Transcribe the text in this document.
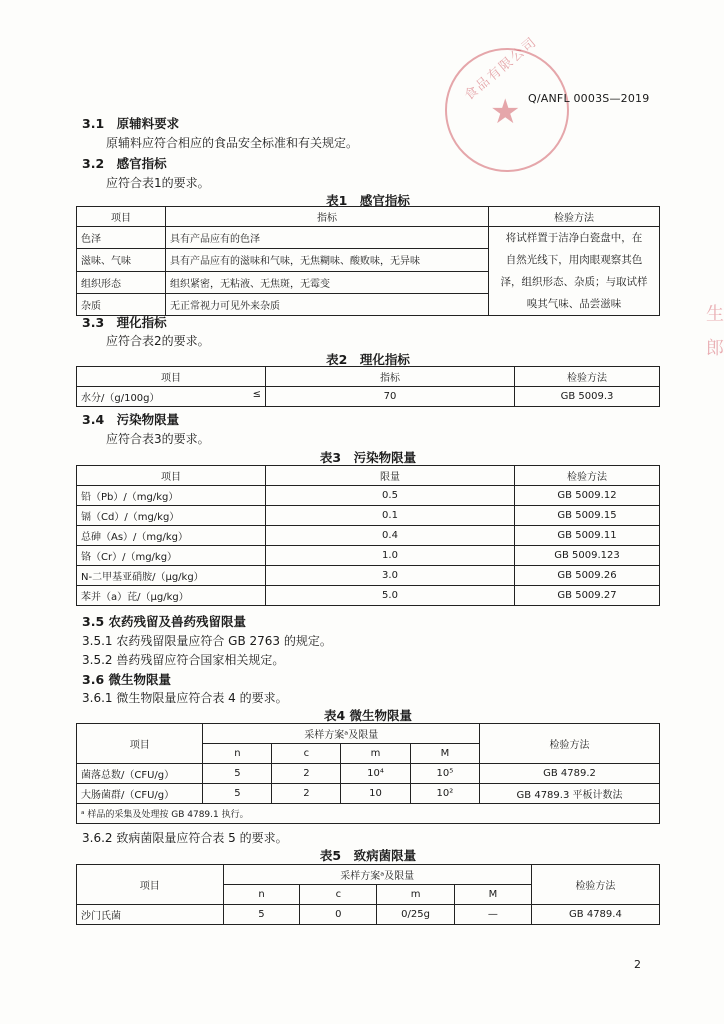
★
食品有限公司
生
郎
Q/ANFL 0003S—2019
3.1　原辅料要求
原辅料应符合相应的食品安全标准和有关规定。
3.2　感官指标
应符合表1的要求。
表1　感官指标
项目	指标	检验方法
色泽	具有产品应有的色泽	将试样置于洁净白瓷盘中，在
自然光线下，用肉眼观察其色
泽，组织形态、杂质；与取试样
嗅其气味、品尝滋味

滋味、气味	具有产品应有的滋味和气味，无焦糊味、酸败味，无异味	
组织形态	组织紧密，无粘液、无焦斑，无霉变	
杂质	无正常视力可见外来杂质	
3.3　理化指标
应符合表2的要求。
表2　理化指标
项目	指标	检验方法
水分/（g/100g） ≤	70	GB 5009.3
3.4　污染物限量
应符合表3的要求。
表3　污染物限量
项目	限量	检验方法
铅（Pb）/（mg/kg）	0.5	GB 5009.12
镉（Cd）/（mg/kg）	0.1	GB 5009.15
总砷（As）/（mg/kg）	0.4	GB 5009.11
铬（Cr）/（mg/kg）	1.0	GB 5009.123
N-二甲基亚硝胺/（μg/kg）	3.0	GB 5009.26
苯并（a）芘/（μg/kg）	5.0	GB 5009.27
3.5 农药残留及兽药残留限量
3.5.1 农药残留限量应符合 GB 2763 的规定。
3.5.2 兽药残留应符合国家相关规定。
3.6 微生物限量
3.6.1 微生物限量应符合表 4 的要求。
表4 微生物限量
项目	采样方案ᵃ及限量				检验方法
	n	c	m	M	
菌落总数/（CFU/g）	5	2	10⁴	10⁵	GB 4789.2
大肠菌群/（CFU/g）	5	2	10	10²	GB 4789.3 平板计数法
ᵃ 样品的采集及处理按 GB 4789.1 执行。					
3.6.2 致病菌限量应符合表 5 的要求。
表5　致病菌限量
项目	采样方案ᵃ及限量				检验方法
	n	c	m	M	
沙门氏菌	5	0	0/25g	—	GB 4789.4
2
